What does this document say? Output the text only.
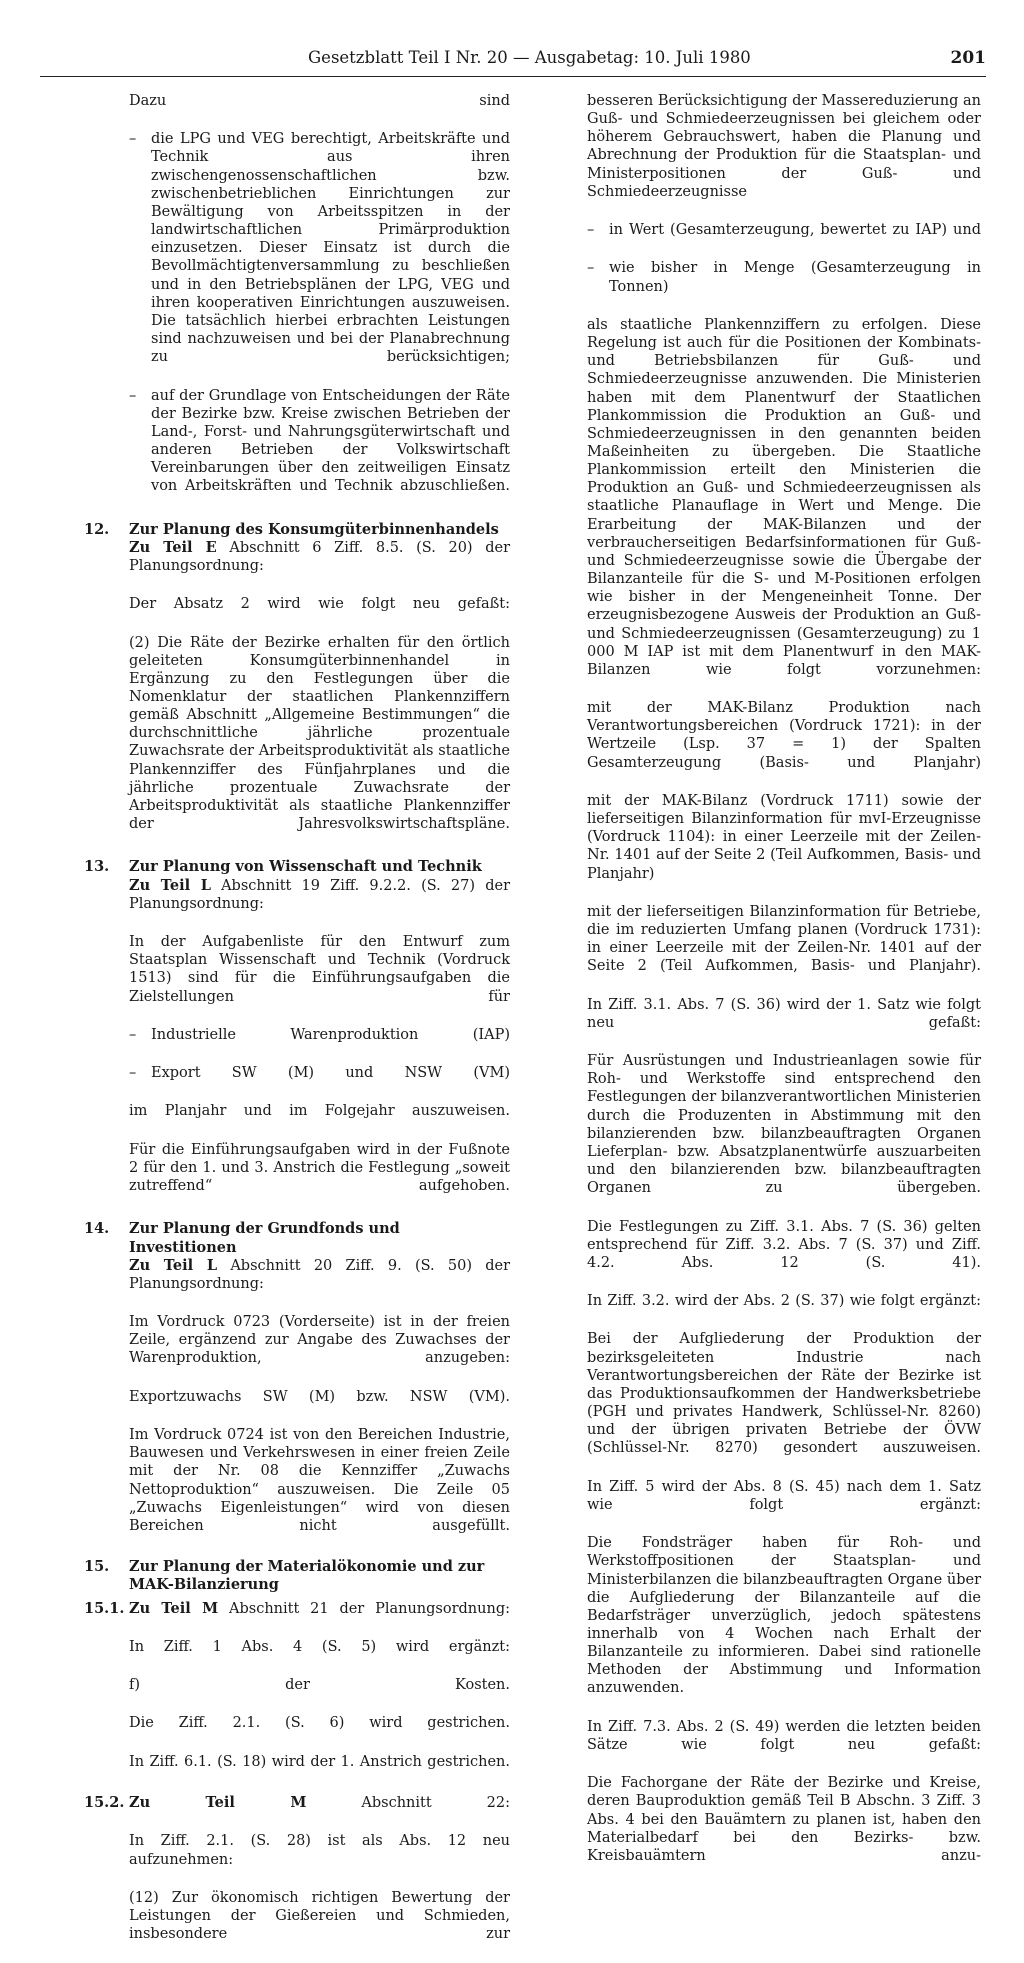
Gesetzblatt Teil I Nr. 20 — Ausgabetag: 10. Juli 1980	201
Dazu sind
– die LPG und VEG berechtigt, Arbeitskräfte und Technik aus ihren zwischengenossenschaftlichen bzw. zwischenbetrieblichen Einrichtungen zur Bewältigung von Arbeitsspitzen in der landwirtschaftlichen Primärproduktion einzusetzen. Dieser Einsatz ist durch die Bevollmächtigtenversammlung zu beschließen und in den Betriebsplänen der LPG, VEG und ihren kooperativen Einrichtungen auszuweisen. Die tatsächlich hierbei erbrachten Leistungen sind nachzuweisen und bei der Planabrechnung zu berücksichtigen;
– auf der Grundlage von Entscheidungen der Räte der Bezirke bzw. Kreise zwischen Betrieben der Land-, Forst- und Nahrungsgüterwirtschaft und anderen Betrieben der Volkswirtschaft Vereinbarungen über den zeitweiligen Einsatz von Arbeitskräften und Technik abzuschließen.
12.	Zur Planung des Konsumgüterbinnenhandels
Zu Teil E Abschnitt 6 Ziff. 8.5. (S. 20) der Planungsordnung:
Der Absatz 2 wird wie folgt neu gefaßt:
(2) Die Räte der Bezirke erhalten für den örtlich geleiteten Konsumgüterbinnenhandel in Ergänzung zu den Festlegungen über die Nomenklatur der staatlichen Plankennziffern gemäß Abschnitt „Allgemeine Bestimmungen“ die durchschnittliche jährliche prozentuale Zuwachsrate der Arbeitsproduktivität als staatliche Plankennziffer des Fünfjahrplanes und die jährliche prozentuale Zuwachsrate der Arbeitsproduktivität als staatliche Plankennziffer der Jahresvolkswirtschaftspläne.
13.	Zur Planung von Wissenschaft und Technik
Zu Teil L Abschnitt 19 Ziff. 9.2.2. (S. 27) der Planungsordnung:
In der Aufgabenliste für den Entwurf zum Staatsplan Wissenschaft und Technik (Vordruck 1513) sind für die Einführungsaufgaben die Zielstellungen für
– Industrielle Warenproduktion (IAP)
– Export SW (M) und NSW (VM)
im Planjahr und im Folgejahr auszuweisen.
Für die Einführungsaufgaben wird in der Fußnote 2 für den 1. und 3. Anstrich die Festlegung „soweit zutreffend“ aufgehoben.
14.	Zur Planung der Grundfonds und Investitionen
Zu Teil L Abschnitt 20 Ziff. 9. (S. 50) der Planungsordnung:
Im Vordruck 0723 (Vorderseite) ist in der freien Zeile, ergänzend zur Angabe des Zuwachses der Warenproduktion, anzugeben:
Exportzuwachs SW (M) bzw. NSW (VM).
Im Vordruck 0724 ist von den Bereichen Industrie, Bauwesen und Verkehrswesen in einer freien Zeile mit der Nr. 08 die Kennziffer „Zuwachs Nettoproduktion“ auszuweisen. Die Zeile 05 „Zuwachs Eigenleistungen“ wird von diesen Bereichen nicht ausgefüllt.
15.	Zur Planung der Materialökonomie und zur MAK-Bilanzierung
15.1. Zu Teil M Abschnitt 21 der Planungsordnung:
In Ziff. 1 Abs. 4 (S. 5) wird ergänzt:
f) der Kosten.
Die Ziff. 2.1. (S. 6) wird gestrichen.
In Ziff. 6.1. (S. 18) wird der 1. Anstrich gestrichen.
15.2. Zu Teil M	Abschnitt 22:
In Ziff. 2.1. (S. 28) ist als Abs. 12 neu aufzunehmen:
(12) Zur ökonomisch richtigen Bewertung der Leistungen der Gießereien und Schmieden, insbesondere zur
besseren Berücksichtigung der Massereduzierung an Guß- und Schmiedeerzeugnissen bei gleichem oder höherem Gebrauchswert, haben die Planung und Abrechnung der Produktion für die Staatsplan- und Ministerpositionen der Guß- und Schmiedeerzeugnisse
– in Wert (Gesamterzeugung, bewertet zu IAP) und
– wie bisher in Menge (Gesamterzeugung in Tonnen)
als staatliche Plankennziffern zu erfolgen. Diese Regelung ist auch für die Positionen der Kombinats- und Betriebsbilanzen für Guß- und Schmiedeerzeugnisse anzuwenden. Die Ministerien haben mit dem Planentwurf der Staatlichen Plankommission die Produktion an Guß- und Schmiedeerzeugnissen in den genannten beiden Maßeinheiten zu übergeben. Die Staatliche Plankommission erteilt den Ministerien die Produktion an Guß- und Schmiedeerzeugnissen als staatliche Planauflage in Wert und Menge. Die Erarbeitung der MAK-Bilanzen und der verbraucherseitigen Bedarfsinformationen für Guß- und Schmiedeerzeugnisse sowie die Übergabe der Bilanzanteile für die S- und M-Positionen erfolgen wie bisher in der Mengeneinheit Tonne. Der erzeugnisbezogene Ausweis der Produktion an Guß- und Schmiedeerzeugnissen (Gesamterzeugung) zu 1 000 M IAP ist mit dem Planentwurf in den MAK-Bilanzen wie folgt vorzunehmen:
mit der MAK-Bilanz Produktion nach Verantwortungsbereichen (Vordruck 1721): in der Wertzeile (Lsp. 37 = 1) der Spalten Gesamterzeugung (Basis- und Planjahr)
mit der MAK-Bilanz (Vordruck 1711) sowie der lieferseitigen Bilanzinformation für mvI-Erzeugnisse (Vordruck 1104): in einer Leerzeile mit der Zeilen-Nr. 1401 auf der Seite 2 (Teil Aufkommen, Basis- und Planjahr)
mit der lieferseitigen Bilanzinformation für Betriebe, die im reduzierten Umfang planen (Vordruck 1731): in einer Leerzeile mit der Zeilen-Nr. 1401 auf der Seite 2 (Teil Aufkommen, Basis- und Planjahr).
In Ziff. 3.1. Abs. 7 (S. 36) wird der 1. Satz wie folgt neu gefaßt:
Für Ausrüstungen und Industrieanlagen sowie für Roh- und Werkstoffe sind entsprechend den Festlegungen der bilanzverantwortlichen Ministerien durch die Produzenten in Abstimmung mit den bilanzierenden bzw. bilanzbeauftragten Organen Lieferplan- bzw. Absatzplanentwürfe auszuarbeiten und den bilanzierenden bzw. bilanzbeauftragten Organen zu übergeben.
Die Festlegungen zu Ziff. 3.1. Abs. 7 (S. 36) gelten entsprechend für Ziff. 3.2. Abs. 7 (S. 37) und Ziff. 4.2. Abs. 12 (S. 41).
In Ziff. 3.2. wird der Abs. 2 (S. 37) wie folgt ergänzt:
Bei der Aufgliederung der Produktion der bezirksgeleiteten Industrie nach Verantwortungsbereichen der Räte der Bezirke ist das Produktionsaufkommen der Handwerksbetriebe (PGH und privates Handwerk, Schlüssel-Nr. 8260) und der übrigen privaten Betriebe der ÖVW (Schlüssel-Nr. 8270) gesondert auszuweisen.
In Ziff. 5 wird der Abs. 8 (S. 45) nach dem 1. Satz wie folgt ergänzt:
Die Fondsträger haben für Roh- und Werkstoffpositionen der Staatsplan- und Ministerbilanzen die bilanzbeauftragten Organe über die Aufgliederung der Bilanzanteile auf die Bedarfsträger unverzüglich, jedoch spätestens innerhalb von 4 Wochen nach Erhalt der Bilanzanteile zu informieren. Dabei sind rationelle Methoden der Abstimmung und Information anzuwenden.
In Ziff. 7.3. Abs. 2 (S. 49) werden die letzten beiden Sätze wie folgt neu gefaßt:
Die Fachorgane der Räte der Bezirke und Kreise, deren Bauproduktion gemäß Teil B Abschn. 3 Ziff. 3 Abs. 4 bei den Bauämtern zu planen ist, haben den Materialbedarf bei den Bezirks- bzw. Kreisbauämtern anzu-
